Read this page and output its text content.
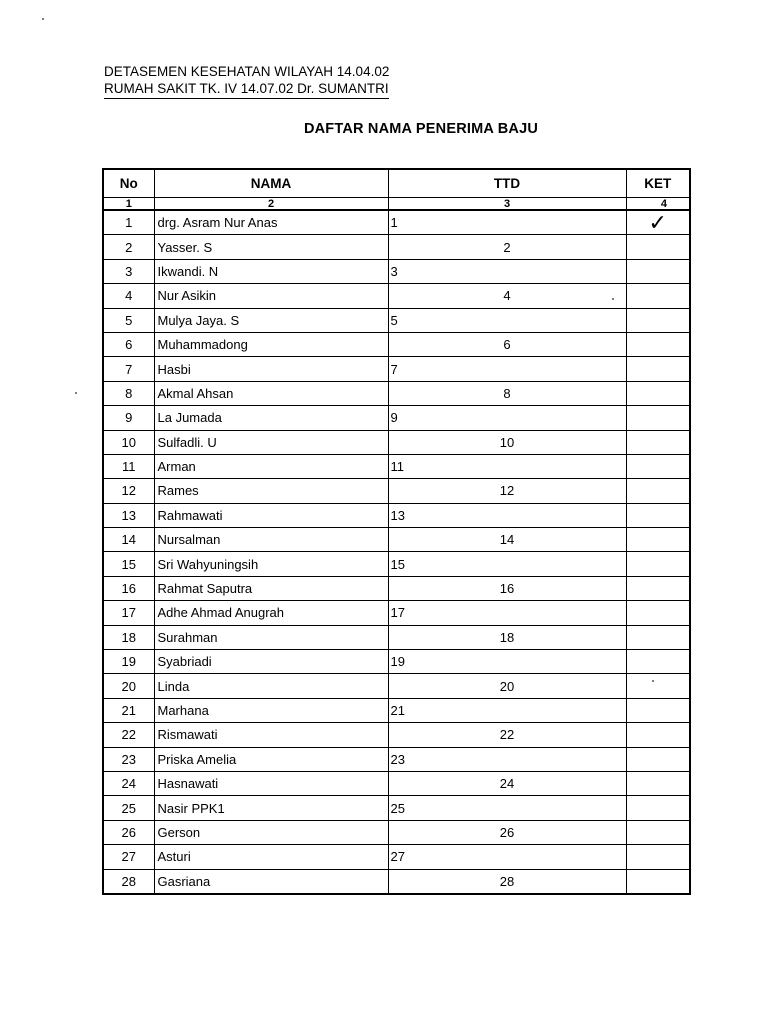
DETASEMEN KESEHATAN WILAYAH 14.04.02
RUMAH SAKIT TK. IV 14.07.02 Dr. SUMANTRI
DAFTAR NAMA PENERIMA BAJU
No	NAMA	TTD	KET
1	2	3	4
1	drg. Asram Nur Anas	1	✓

2	Yasser. S	2	
3	Ikwandi. N	3	
4	Nur Asikin	4	
5	Mulya Jaya. S	5	
6	Muhammadong	6	
7	Hasbi	7	
8	Akmal Ahsan	8	
9	La Jumada	9	
10	Sulfadli. U	10	
11	Arman	11	
12	Rames	12	
13	Rahmawati	13	
14	Nursalman	14	
15	Sri Wahyuningsih	15	
16	Rahmat Saputra	16	
17	Adhe Ahmad Anugrah	17	
18	Surahman	18	
19	Syabriadi	19	
20	Linda	20	
21	Marhana	21	
22	Rismawati	22	
23	Priska Amelia	23	
24	Hasnawati	24	
25	Nasir PPK1	25	
26	Gerson	26	
27	Asturi	27	
28	Gasriana	28	
